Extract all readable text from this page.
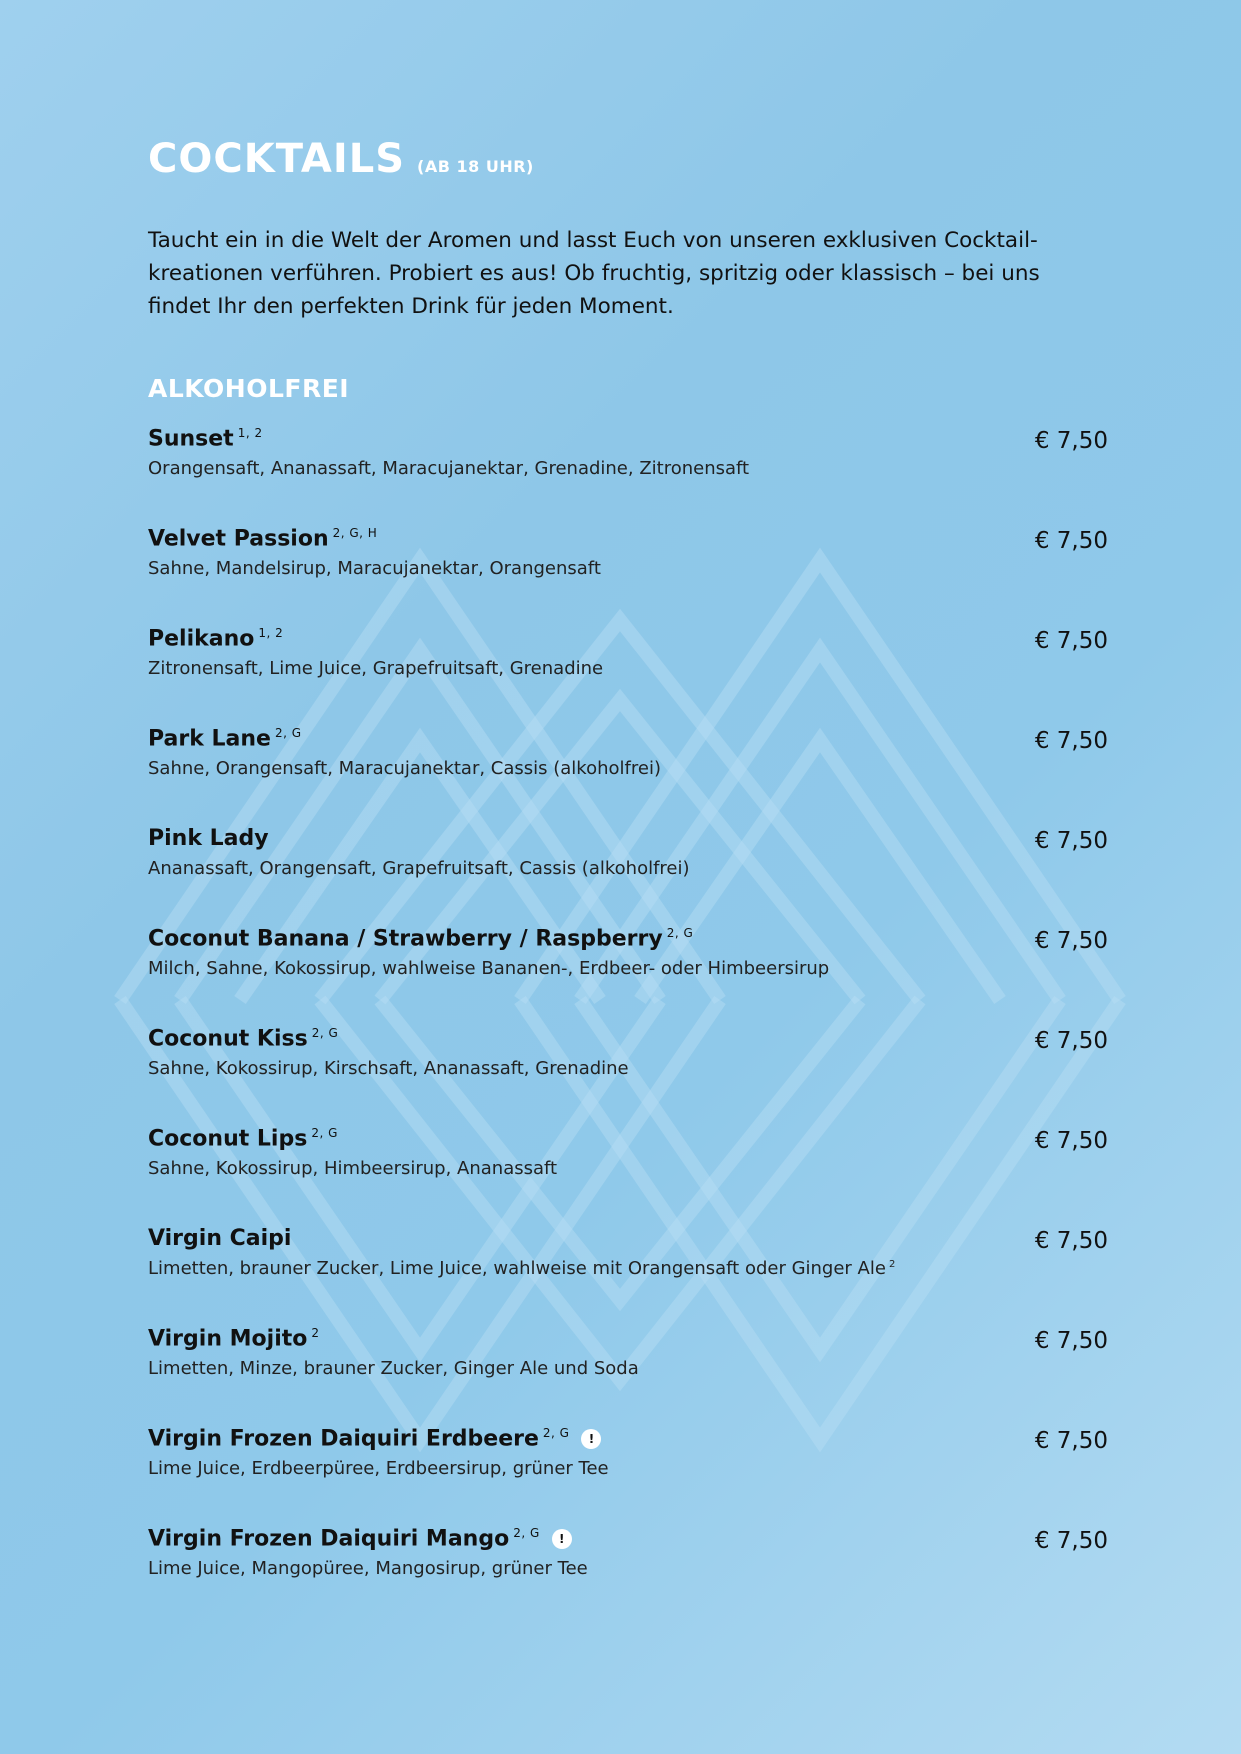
COCKTAILS (AB 18 UHR)

Taucht ein in die Welt der Aromen und lasst Euch von unseren exklusiven Cocktail-kreationen verführen. Probiert es aus! Ob fruchtig, spritzig oder klassisch – bei uns findet Ihr den perfekten Drink für jeden Moment.

ALKOHOLFREI
Sunset $^{1, 2}$
Orangensaft, Ananassaft, Maracujanektar, Grenadine, Zitronensaft
€ 7,50
Velvet Passion $^{2, G, H}$
Sahne, Mandelsirup, Maracujanektar, Orangensaft
€ 7,50
Pelikano $^{1, 2}$
Zitronensaft, Lime Juice, Grapefruitsaft, Grenadine
€ 7,50
Park Lane $^{2, G}$
Sahne, Orangensaft, Maracujanektar, Cassis (alkoholfrei)
€ 7,50
Pink Lady
Ananassaft, Orangensaft, Grapefruitsaft, Cassis (alkoholfrei)
€ 7,50
Coconut Banana / Strawberry / Raspberry $^{2, G}$
Milch, Sahne, Kokossirup, wahlweise Bananen-, Erdbeer- oder Himbeersirup
€ 7,50
Coconut Kiss $^{2, G}$
Sahne, Kokossirup, Kirschsaft, Ananassaft, Grenadine
€ 7,50
Coconut Lips $^{2, G}$
Sahne, Kokossirup, Himbeersirup, Ananassaft
€ 7,50
Virgin Caipi
Limetten, brauner Zucker, Lime Juice, wahlweise mit Orangensaft oder Ginger Ale $^2$
€ 7,50
Virgin Mojito $^2$
Limetten, Minze, brauner Zucker, Ginger Ale und Soda
€ 7,50
Virgin Frozen Daiquiri Erdbeere $^{2, G}$ !
Lime Juice, Erdbeerpüree, Erdbeersirup, grüner Tee
€ 7,50
Virgin Frozen Daiquiri Mango $^{2, G}$ !
Lime Juice, Mangopüree, Mangosirup, grüner Tee
€ 7,50
